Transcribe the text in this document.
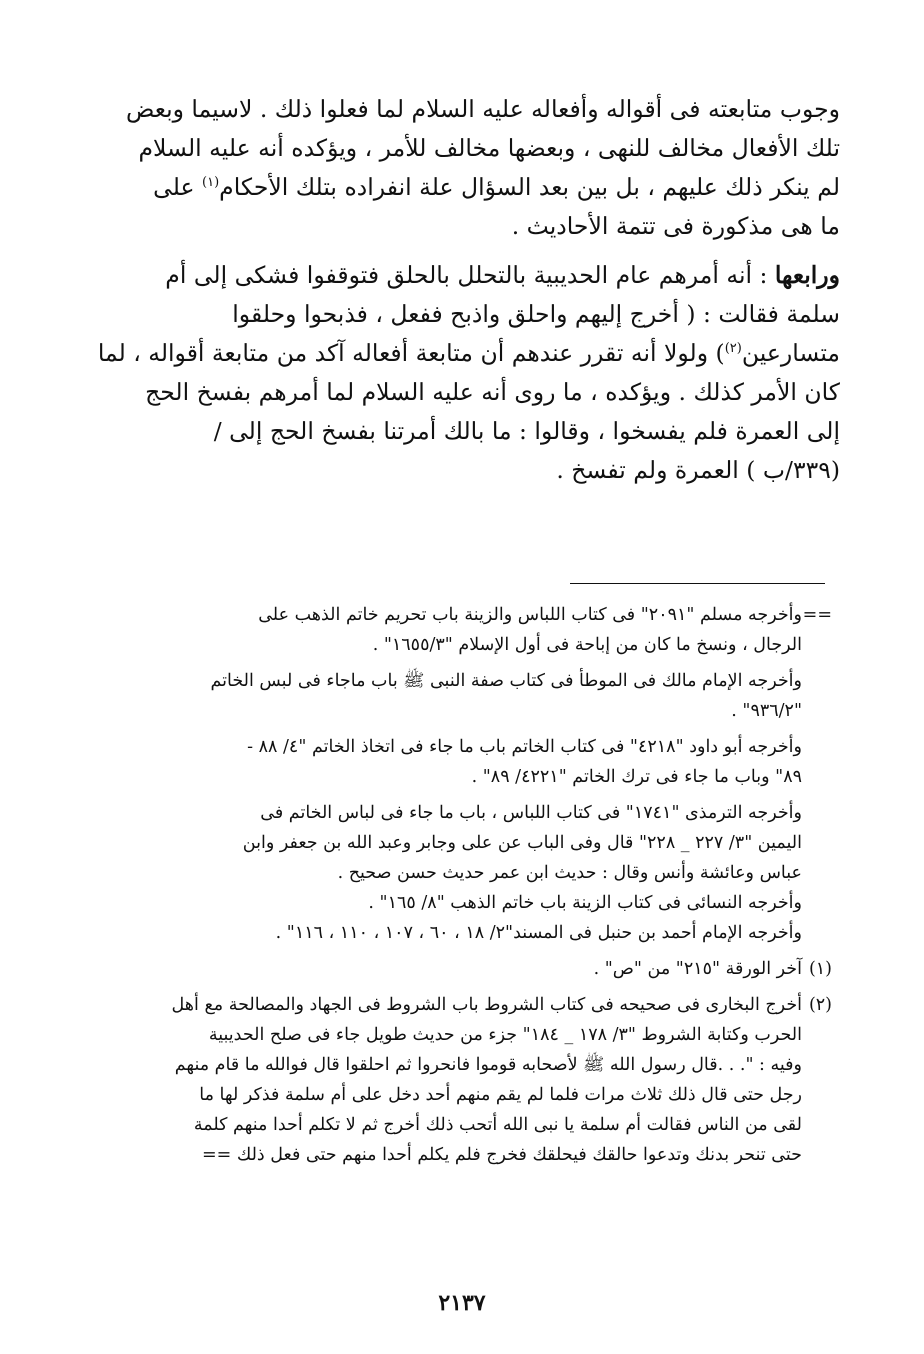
وجوب متابعته فى أقواله وأفعاله عليه السلام لما فعلوا ذلك . لاسيما وبعض
تلك الأفعال مخالف للنهى ، وبعضها مخالف للأمر ، ويؤكده أنه عليه السلام
لم ينكر ذلك عليهم ، بل بين بعد السؤال علة انفراده بتلك الأحكام$^{(١)}$ على
ما هى مذكورة فى تتمة الأحاديث .
ورابعها : أنه أمرهم عام الحديبية بالتحلل بالحلق فتوقفوا فشكى إلى أم
سلمة فقالت : ( أخرج إليهم واحلق واذبح ففعل ، فذبحوا وحلقوا
متسارعين$^{(٢)}$) ولولا أنه تقرر عندهم أن متابعة أفعاله آكد من متابعة أقواله ، لما
كان الأمر كذلك . ويؤكده ، ما روى أنه عليه السلام لما أمرهم بفسخ الحج
إلى العمرة فلم يفسخوا ، وقالوا : ما بالك أمرتنا بفسخ الحج إلى /
(٣٣٩/ب ) العمرة ولم تفسخ .
==
وأخرجه مسلم "٢٠٩١" فى كتاب اللباس والزينة باب تحريم خاتم الذهب على
الرجال ، ونسخ ما كان من إباحة فى أول الإسلام "١٦٥٥/٣" .
وأخرجه الإمام مالك فى الموطأ فى كتاب صفة النبى ﷺ باب ماجاء فى لبس الخاتم
"٩٣٦/٢" .
وأخرجه أبو داود "٤٢١٨" فى كتاب الخاتم باب ما جاء فى اتخاذ الخاتم "٤/ ٨٨ -
٨٩" وباب ما جاء فى ترك الخاتم "٤٢٢١/ ٨٩" .
وأخرجه الترمذى "١٧٤١" فى كتاب اللباس ، باب ما جاء فى لباس الخاتم فى
اليمين "٣/ ٢٢٧ _ ٢٢٨" قال وفى الباب عن على وجابر وعبد الله بن جعفر وابن
عباس وعائشة وأنس وقال : حديث ابن عمر حديث حسن صحيح .
وأخرجه النسائى فى كتاب الزينة باب خاتم الذهب "٨/ ١٦٥" .
وأخرجه الإمام أحمد بن حنبل فى المسند"٢/ ١٨ ، ٦٠ ، ١٠٧ ، ١١٠ ، ١١٦" .
(١)
آخر الورقة "٢١٥" من "ص" .
(٢)
أخرج البخارى فى صحيحه فى كتاب الشروط باب الشروط فى الجهاد والمصالحة مع أهل
الحرب وكتابة الشروط "٣/ ١٧٨ _ ١٨٤" جزء من حديث طويل جاء فى صلح الحديبية
وفيه : ". . .قال رسول الله ﷺ لأصحابه قوموا فانحروا ثم احلقوا قال فوالله ما قام منهم
رجل حتى قال ذلك ثلاث مرات فلما لم يقم منهم أحد دخل على أم سلمة فذكر لها ما
لقى من الناس فقالت أم سلمة يا نبى الله أتحب ذلك أخرج ثم لا تكلم أحدا منهم كلمة
حتى تنحر بدنك وتدعوا حالقك فيحلقك فخرج فلم يكلم أحدا منهم حتى فعل ذلك ==
٢١٣٧
